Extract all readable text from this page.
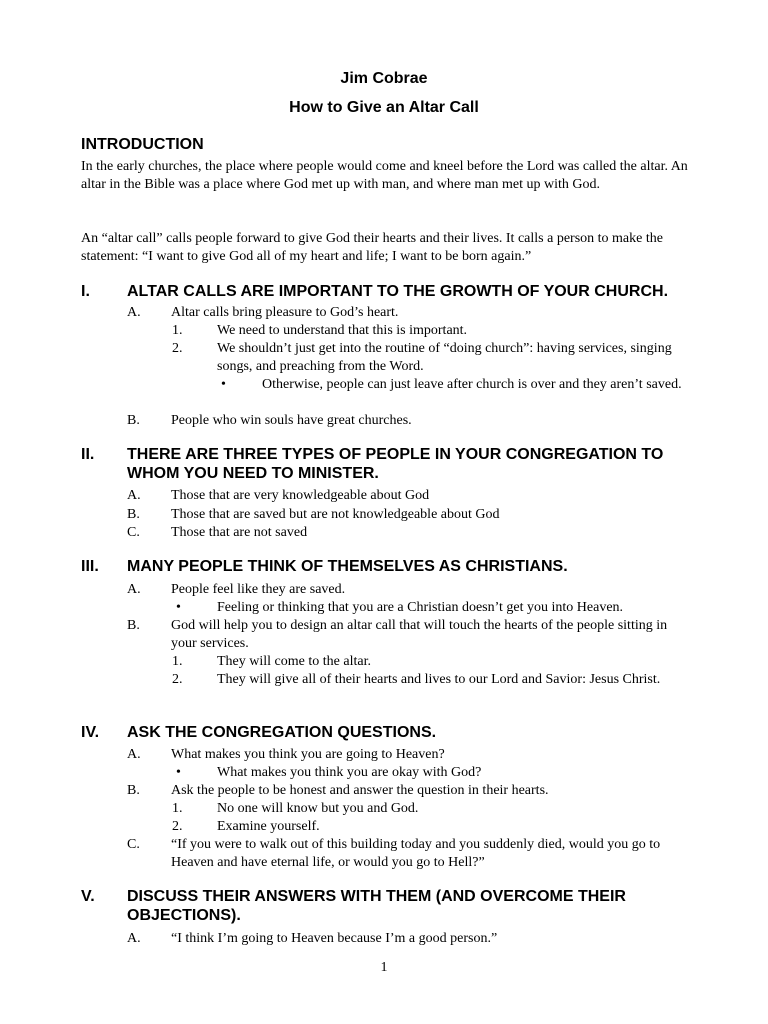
Jim Cobrae
How to Give an Altar Call
INTRODUCTION
In the early churches, the place where people would come and kneel before the Lord was called the altar. An altar in the Bible was a place where God met up with man, and where man met up with God.
An “altar call” calls people forward to give God their hearts and their lives. It calls a person to make the statement: “I want to give God all of my heart and life; I want to be born again.”
I. ALTAR CALLS ARE IMPORTANT TO THE GROWTH OF YOUR CHURCH.
A. Altar calls bring pleasure to God’s heart.
1. We need to understand that this is important.
2. We shouldn’t just get into the routine of “doing church”: having services, singing songs, and preaching from the Word.
•	Otherwise, people can just leave after church is over and they aren’t saved.
B. People who win souls have great churches.
II. THERE ARE THREE TYPES OF PEOPLE IN YOUR CONGREGATION TO WHOM YOU NEED TO MINISTER.
A. Those that are very knowledgeable about God
B. Those that are saved but are not knowledgeable about God
C. Those that are not saved
III. MANY PEOPLE THINK OF THEMSELVES AS CHRISTIANS.
A. People feel like they are saved.
•	Feeling or thinking that you are a Christian doesn’t get you into Heaven.
B. God will help you to design an altar call that will touch the hearts of the people sitting in your services.
1. They will come to the altar.
2. They will give all of their hearts and lives to our Lord and Savior: Jesus Christ.
IV. ASK THE CONGREGATION QUESTIONS.
A. What makes you think you are going to Heaven?
•	What makes you think you are okay with God?
B. Ask the people to be honest and answer the question in their hearts.
1. No one will know but you and God.
2. Examine yourself.
C. “If you were to walk out of this building today and you suddenly died, would you go to Heaven and have eternal life, or would you go to Hell?”
V. DISCUSS THEIR ANSWERS WITH THEM (AND OVERCOME THEIR OBJECTIONS).
A. “I think I’m going to Heaven because I’m a good person.”
1
